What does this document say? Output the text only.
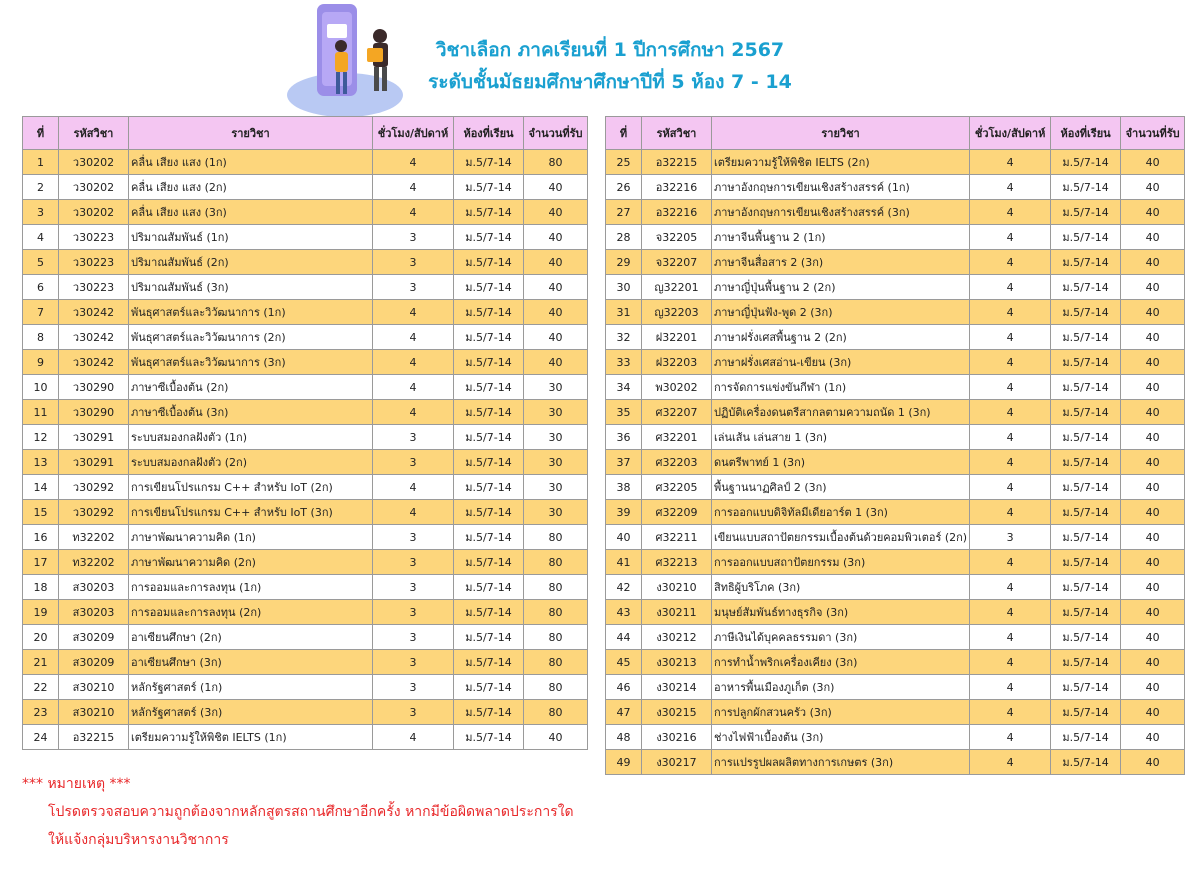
วิชาเลือก ภาคเรียนที่ 1 ปีการศึกษา 2567
ระดับชั้นมัธยมศึกษาศึกษาปีที่ 5 ห้อง 7 - 14
ที่	รหัสวิชา	รายวิชา	ชั่วโมง/สัปดาห์	ห้องที่เรียน	จำนวนที่รับ
1	ว30202	คลื่น เสียง แสง (1ก)	4	ม.5/7-14	80
2	ว30202	คลื่น เสียง แสง (2ก)	4	ม.5/7-14	40
3	ว30202	คลื่น เสียง แสง (3ก)	4	ม.5/7-14	40
4	ว30223	ปริมาณสัมพันธ์ (1ก)	3	ม.5/7-14	40
5	ว30223	ปริมาณสัมพันธ์ (2ก)	3	ม.5/7-14	40
6	ว30223	ปริมาณสัมพันธ์ (3ก)	3	ม.5/7-14	40
7	ว30242	พันธุศาสตร์และวิวัฒนาการ (1ก)	4	ม.5/7-14	40
8	ว30242	พันธุศาสตร์และวิวัฒนาการ (2ก)	4	ม.5/7-14	40
9	ว30242	พันธุศาสตร์และวิวัฒนาการ (3ก)	4	ม.5/7-14	40
10	ว30290	ภาษาซีเบื้องต้น (2ก)	4	ม.5/7-14	30
11	ว30290	ภาษาซีเบื้องต้น (3ก)	4	ม.5/7-14	30
12	ว30291	ระบบสมองกลฝังตัว (1ก)	3	ม.5/7-14	30
13	ว30291	ระบบสมองกลฝังตัว (2ก)	3	ม.5/7-14	30
14	ว30292	การเขียนโปรแกรม C++ สำหรับ IoT (2ก)	4	ม.5/7-14	30
15	ว30292	การเขียนโปรแกรม C++ สำหรับ IoT (3ก)	4	ม.5/7-14	30
16	ท32202	ภาษาพัฒนาความคิด (1ก)	3	ม.5/7-14	80
17	ท32202	ภาษาพัฒนาความคิด (2ก)	3	ม.5/7-14	80
18	ส30203	การออมและการลงทุน (1ก)	3	ม.5/7-14	80
19	ส30203	การออมและการลงทุน (2ก)	3	ม.5/7-14	80
20	ส30209	อาเซียนศึกษา (2ก)	3	ม.5/7-14	80
21	ส30209	อาเซียนศึกษา (3ก)	3	ม.5/7-14	80
22	ส30210	หลักรัฐศาสตร์ (1ก)	3	ม.5/7-14	80
23	ส30210	หลักรัฐศาสตร์ (3ก)	3	ม.5/7-14	80
24	อ32215	เตรียมความรู้ให้พิชิต IELTS (1ก)	4	ม.5/7-14	40
ที่	รหัสวิชา	รายวิชา	ชั่วโมง/สัปดาห์	ห้องที่เรียน	จำนวนที่รับ
25	อ32215	เตรียมความรู้ให้พิชิต IELTS (2ก)	4	ม.5/7-14	40
26	อ32216	ภาษาอังกฤษการเขียนเชิงสร้างสรรค์ (1ก)	4	ม.5/7-14	40
27	อ32216	ภาษาอังกฤษการเขียนเชิงสร้างสรรค์ (3ก)	4	ม.5/7-14	40
28	จ32205	ภาษาจีนพื้นฐาน 2 (1ก)	4	ม.5/7-14	40
29	จ32207	ภาษาจีนสื่อสาร 2 (3ก)	4	ม.5/7-14	40
30	ญ32201	ภาษาญี่ปุ่นพื้นฐาน 2 (2ก)	4	ม.5/7-14	40
31	ญ32203	ภาษาญี่ปุ่นฟัง-พูด 2 (3ก)	4	ม.5/7-14	40
32	ฝ32201	ภาษาฝรั่งเศสพื้นฐาน 2 (2ก)	4	ม.5/7-14	40
33	ฝ32203	ภาษาฝรั่งเศสอ่าน-เขียน (3ก)	4	ม.5/7-14	40
34	พ30202	การจัดการแข่งขันกีฬา (1ก)	4	ม.5/7-14	40
35	ศ32207	ปฏิบัติเครื่องดนตรีสากลตามความถนัด 1 (3ก)	4	ม.5/7-14	40
36	ศ32201	เล่นเส้น เล่นสาย 1 (3ก)	4	ม.5/7-14	40
37	ศ32203	ดนตรีพาทย์ 1 (3ก)	4	ม.5/7-14	40
38	ศ32205	พื้นฐานนาฏศิลป์ 2 (3ก)	4	ม.5/7-14	40
39	ศ32209	การออกแบบดิจิทัลมีเดียอาร์ต 1 (3ก)	4	ม.5/7-14	40
40	ศ32211	เขียนแบบสถาปัตยกรรมเบื้องต้นด้วยคอมพิวเตอร์ (2ก)	3	ม.5/7-14	40
41	ศ32213	การออกแบบสถาปัตยกรรม (3ก)	4	ม.5/7-14	40
42	ง30210	สิทธิผู้บริโภค (3ก)	4	ม.5/7-14	40
43	ง30211	มนุษย์สัมพันธ์ทางธุรกิจ (3ก)	4	ม.5/7-14	40
44	ง30212	ภาษีเงินได้บุคคลธรรมดา (3ก)	4	ม.5/7-14	40
45	ง30213	การทำน้ำพริกเครื่องเคียง (3ก)	4	ม.5/7-14	40
46	ง30214	อาหารพื้นเมืองภูเก็ต (3ก)	4	ม.5/7-14	40
47	ง30215	การปลูกผักสวนครัว (3ก)	4	ม.5/7-14	40
48	ง30216	ช่างไฟฟ้าเบื้องต้น (3ก)	4	ม.5/7-14	40
49	ง30217	การแปรรูปผลผลิตทางการเกษตร (3ก)	4	ม.5/7-14	40
*** หมายเหตุ ***
โปรดตรวจสอบความถูกต้องจากหลักสูตรสถานศึกษาอีกครั้ง หากมีข้อผิดพลาดประการใด
ให้แจ้งกลุ่มบริหารงานวิชาการ
